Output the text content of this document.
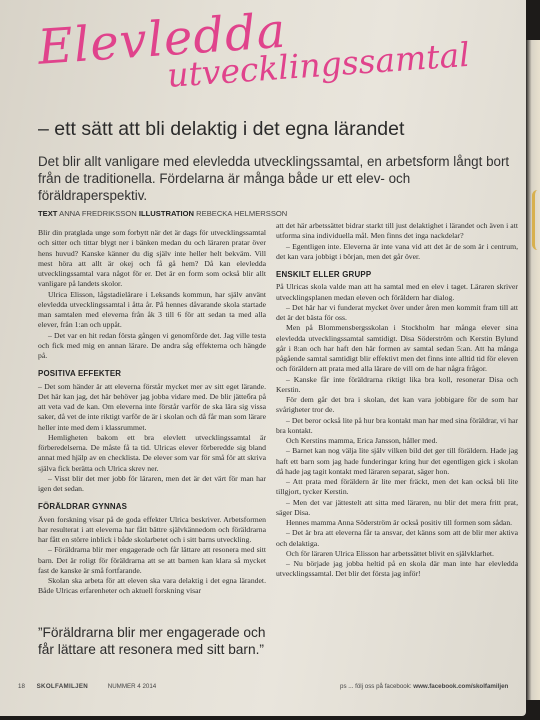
Elevledda
utvecklingssamtal
– ett sätt att bli delaktig i det egna lärandet
Det blir allt vanligare med elevledda utvecklingssamtal, en arbetsform långt bort från de traditionella. Fördelarna är många både ur ett elev- och föräldraperspektiv.
TEXT ANNA FREDRIKSSON ILLUSTRATION REBECKA HELMERSSON

Blir din pratglada unge som forbytt när det är dags för utvecklingssamtal och sitter och tittar blygt ner i bänken medan du och läraren pratar över hens huvud? Kanske känner du dig själv inte heller helt bekväm. Vill mest höra att allt är okej och få gå hem? Då kan elevledda utvecklingssamtal vara något för er. Det är en form som också blir allt vanligare på landets skolor.

Ulrica Elisson, lågstadielärare i Leksands kommun, har själv använt elevledda utvecklingssamtal i åtta år. På hennes dåvarande skola startade man samtalen med eleverna från åk 3 till 6 för att sedan ta med alla elever, från 1:an och uppåt.

– Det var en hit redan första gången vi genomförde det. Jag ville testa och fick med mig en annan lärare. De andra såg effekterna och hängde på.

POSITIVA EFFEKTER

– Det som händer är att eleverna förstår mycket mer av sitt eget lärande. Det här kan jag, det här behöver jag jobba vidare med. De blir jätteбra på att veta vad de kan. Om eleverna inte förstår varför de ska lära sig vissa saker, då vet de inte riktigt varför de är i skolan och då får man som lärare heller inte med dem i klassrummet.

Hemligheten bakom ett bra elevlett utvecklingssamtal är förberedelserna. De måste få ta tid. Ulricas elever förberedde sig bland annat med hjälp av en checklista. De elever som var för små för att skriva själva fick berätta och Ulrica skrev ner.

– Visst blir det mer jobb för läraren, men det är det värt för man har igen det sedan.

FÖRÄLDRAR GYNNAS

Även forskning visar på de goda effekter Ulrica beskriver. Arbetsformen har resulterat i att eleverna har fått bättre självkännedom och föräldrarna har fått en större inblick i både skolarbetet och i sitt barns utveckling.

– Föräldrarna blir mer engagerade och får lättare att resonera med sitt barn. Det är roligt för föräldrarna att se att barnen kan klara så mycket fast de kanske är små fortfarande.

Skolan ska arbeta för att eleven ska vara delaktig i det egna lärandet. Både Ulricas erfarenheter och aktuell forskning visar

”Föräldrarna blir mer engagerade och får lättare att resonera med sitt barn.”

att det här arbetssättet bidrar starkt till just delaktighet i lärandet och även i att utforma sina individuella mål. Men finns det inga nackdelar?

– Egentligen inte. Eleverna är inte vana vid att det är de som är i centrum, det kan vara jobbigt i början, men det går över.

ENSKILT ELLER GRUPP

På Ulricas skola valde man att ha samtal med en elev i taget. Läraren skriver utvecklingsplanen medan eleven och föräldern har dialog.

– Det här har vi funderat mycket över under åren men kommit fram till att det är det bästa för oss.

Men på Blommensbergsskolan i Stockholm har många elever sina elevledda utvecklingssamtal samtidigt. Disa Söderström och Kerstin Bylund går i 8:an och har haft den här formen av samtal sedan 5:an. Att ha många pågående samtal samtidigt blir effektivt men det finns inte alltid tid för eleven och föräldern att prata med alla lärare de vill om de har några frågor.

– Kanske får inte föräldrarna riktigt lika bra koll, resonerar Disa och Kerstin.

För dem går det bra i skolan, det kan vara jobbigare för de som har svårigheter tror de.

– Det beror också lite på hur bra kontakt man har med sina föräldrar, vi har bra kontakt.

Och Kerstins mamma, Erica Jansson, håller med.

– Barnet kan nog välja lite själv vilken bild det ger till föräldern. Hade jag haft ett barn som jag hade funderingar kring hur det egentligen gick i skolan då hade jag tagit kontakt med läraren separat, säger hon.

– Att prata med föräldern är lite mer fräckt, men det kan också bli lite tillgjort, tycker Kerstin.

– Men det var jättestelt att sitta med läraren, nu blir det mera fritt prat, säger Disa.

Hennes mamma Anna Söderström är också positiv till formen som sådan.

– Det är bra att eleverna får ta ansvar, det känns som att de blir mer aktiva och delaktiga.

Och för läraren Ulrica Elisson har arbetssättet blivit en självklarhet.

– Nu började jag jobba heltid på en skola där man inte har elevledda utvecklingssamtal. Det blir det första jag inför!

18 SKOLFAMILJEN	NUMMER 4 2014	ps ... följ oss på facebook: www.facebook.com/skolfamiljen
